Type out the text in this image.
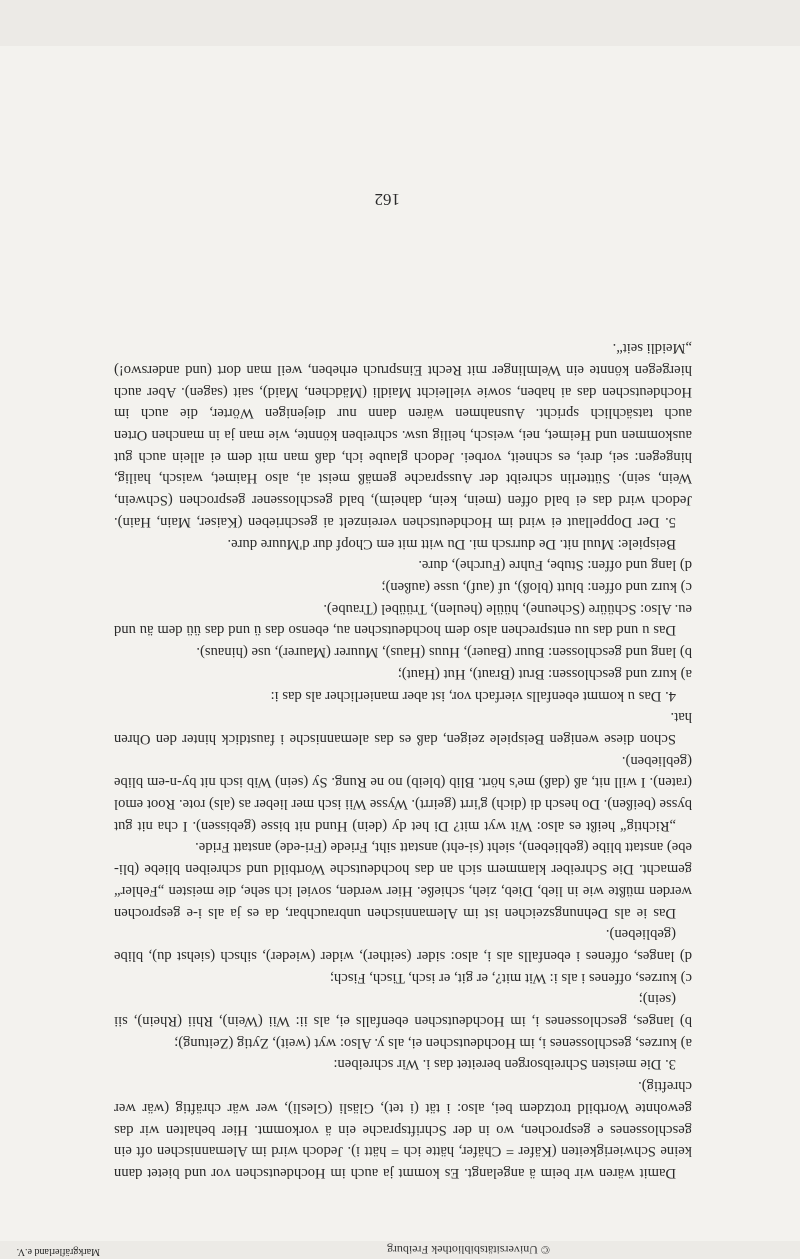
© Universitätsbibliothek Freiburg
Markgräflerland e.V.

Damit wären wir beim ä angelangt. Es kommt ja auch im Hochdeutschen vor und bietet dann keine Schwierigkeiten (Käfer = Chäfer, hätte ich = hätt i). Jedoch wird im Alemannischen oft ein geschlossenes e gesprochen, wo in der Schriftsprache ein ä vorkommt. Hier behalten wir das gewohnte Wortbild trotzdem bei, also: i tät (i tet), Gläsli (Glesli), wer wär chräftig (wär wer chreftig).

3. Die meisten Schreibsorgen bereitet das i. Wir schreiben:

a) kurzes, geschlossenes i, im Hochdeutschen ei, als y. Also: wyt (weit), Zytig (Zeitung);

b) langes, geschlossenes i, im Hochdeutschen ebenfalls ei, als ii: Wii (Wein), Rhii (Rhein), sii (sein);

c) kurzes, offenes i als i: Wit mit?, er git, er isch, Tisch, Fisch;

d) langes, offenes i ebenfalls als i, also: sider (seither), wider (wieder), sihsch (siehst du), blibe (geblieben).

Das ie als Dehnungszeichen ist im Alemannischen unbrauchbar, da es ja als i-e gesprochen werden müßte wie in lieb, Dieb, zieh, schieße. Hier werden, soviel ich sehe, die meisten „Fehler“ gemacht. Die Schreiber klammern sich an das hochdeutsche Wortbild und schreiben bliebe (bli-ebe) anstatt blibe (geblieben), sieht (si-eht) anstatt siht, Friede (Fri-ede) anstatt Fride.

„Richtig“ heißt es also: Wit wyt mit? Di het dy (dein) Hund nit bisse (gebissen). I cha nit gut bysse (beißen). Do hesch di (dich) g'irrt (geirrt). Wysse Wii isch mer lieber as (als) rote. Root emol (raten). I will nit, aß (daß) me's hört. Blib (bleib) no ne Rung. Sy (sein) Wib isch nit by-n-em blibe (geblieben).

Schon diese wenigen Beispiele zeigen, daß es das alemannische i faustdick hinter den Ohren hat.

4. Das u kommt ebenfalls vierfach vor, ist aber manierlicher als das i:

a) kurz und geschlossen: Brut (Braut), Hut (Haut);

b) lang und geschlossen: Buur (Bauer), Huus (Haus), Muurer (Maurer), use (hinaus).

Das u und das uu entsprechen also dem hochdeutschen au, ebenso das ü und das üü dem äu und eu. Also: Schüüre (Scheune), hüüle (heulen), Trüübel (Traube).

c) kurz und offen: blutt (bloß), uf (auf), usse (außen);

d) lang und offen: Stube, Fuhre (Furche), dure.

Beispiele: Muul nit. De durrsch mi. Du witt mit em Chopf dur d'Muure dure.

5. Der Doppellaut ei wird im Hochdeutschen vereinzelt ai geschrieben (Kaiser, Main, Hain). Jedoch wird das ei bald offen (mein, kein, daheim), bald geschlossener gesprochen (Schwein, Wein, sein). Sütterlin schreibt der Aussprache gemäß meist ai, also Haimet, waisch, hailig, hingegen: sei, drei, es schneit, vorbei. Jedoch glaube ich, daß man mit dem ei allein auch gut auskommen und Heimet, nei, weisch, heilig usw. schreiben könnte, wie man ja in manchen Orten auch tatsächlich spricht. Ausnahmen wären dann nur diejenigen Wörter, die auch im Hochdeutschen das ai haben, sowie vielleicht Maidli (Mädchen, Maid), sait (sagen). Aber auch hiergegen könnte ein Welmlinger mit Recht Einspruch erheben, weil man dort (und anderswo!) „Meidli seit“.

162
